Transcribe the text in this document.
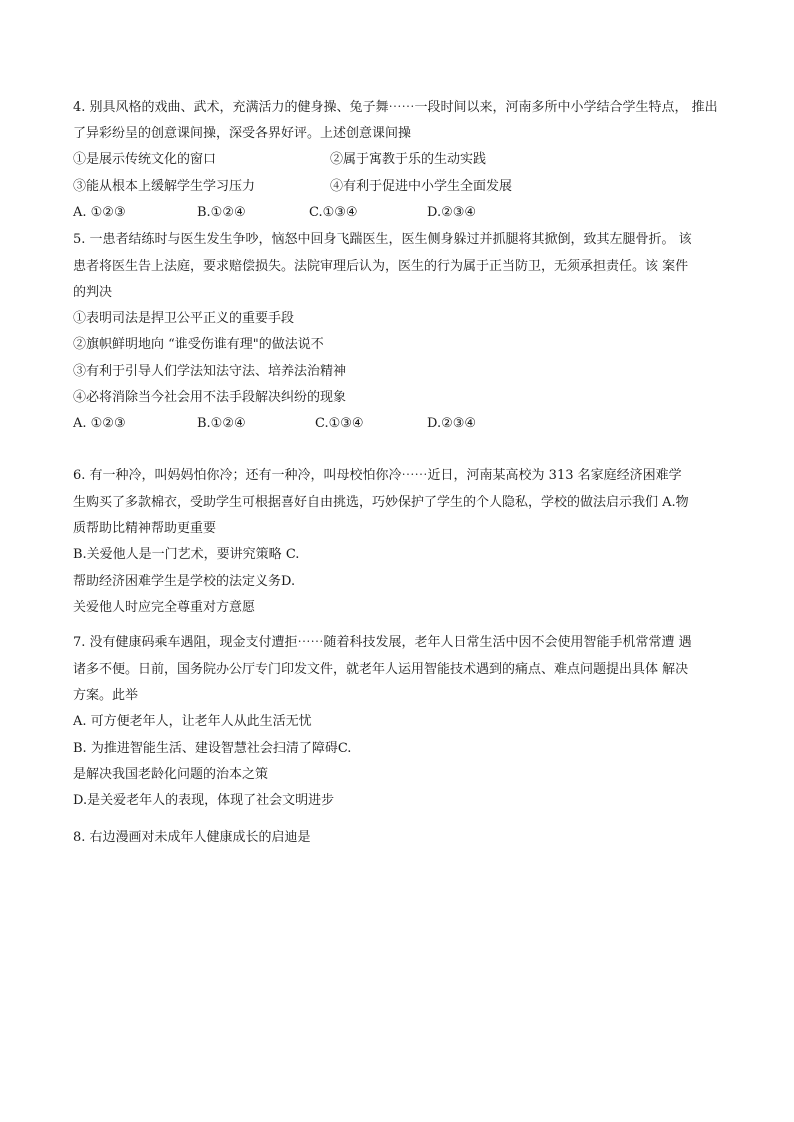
4. 别具风格的戏曲、武术，充满活力的健身操、兔子舞⋯⋯一段时间以来，河南多所中小学结合学生特点， 推出
了异彩纷呈的创意课间操，深受各界好评。上述创意课间操
①是展示传统文化的窗口	②属于寓教于乐的生动实践
③能从根本上缓解学生学习压力	④有利于促进中小学生全面发展
A. ①②③	B.①②④	C.①③④	D.②③④
5. 一患者结练时与医生发生争吵，恼怒中回身飞踹医生，医生侧身躲过并抓腿将其掀倒，致其左腿骨折。 该
患者将医生告上法庭，要求赔偿损失。法院审理后认为，医生的行为属于正当防卫，无须承担责任。该 案件
的判决
①表明司法是捍卫公平正义的重要手段
②旗帜鲜明地向 “谁受伤谁有理"的做法说不
③有利于引导人们学法知法守法、培养法治精神
④必将消除当今社会用不法手段解决纠纷的现象
A. ①②③	B.①②④	C.①③④	D.②③④
6. 有一种冷，叫妈妈怕你冷；还有一种冷，叫母校怕你冷⋯⋯近日，河南某高校为 313 名家庭经济困难学
生购买了多款棉衣，受助学生可根据喜好自由挑选，巧妙保护了学生的个人隐私，学校的做法启示我们 A.物
质帮助比精神帮助更重要
B.关爱他人是一门艺术，要讲究策略 C.
帮助经济困难学生是学校的法定义务D.
关爱他人时应完全尊重对方意愿
7. 没有健康码乘车遇阻，现金支付遭拒⋯⋯随着科技发展，老年人日常生活中因不会使用智能手机常常遭 遇
诸多不便。日前，国务院办公厅专门印发文件，就老年人运用智能技术遇到的痛点、难点问题提出具体 解决
方案。此举
A. 可方便老年人，让老年人从此生活无忧
B. 为推进智能生活、建设智慧社会扫清了障碍C.
是解决我国老龄化问题的治本之策
D.是关爱老年人的表现，体现了社会文明进步
8. 右边漫画对未成年人健康成长的启迪是
